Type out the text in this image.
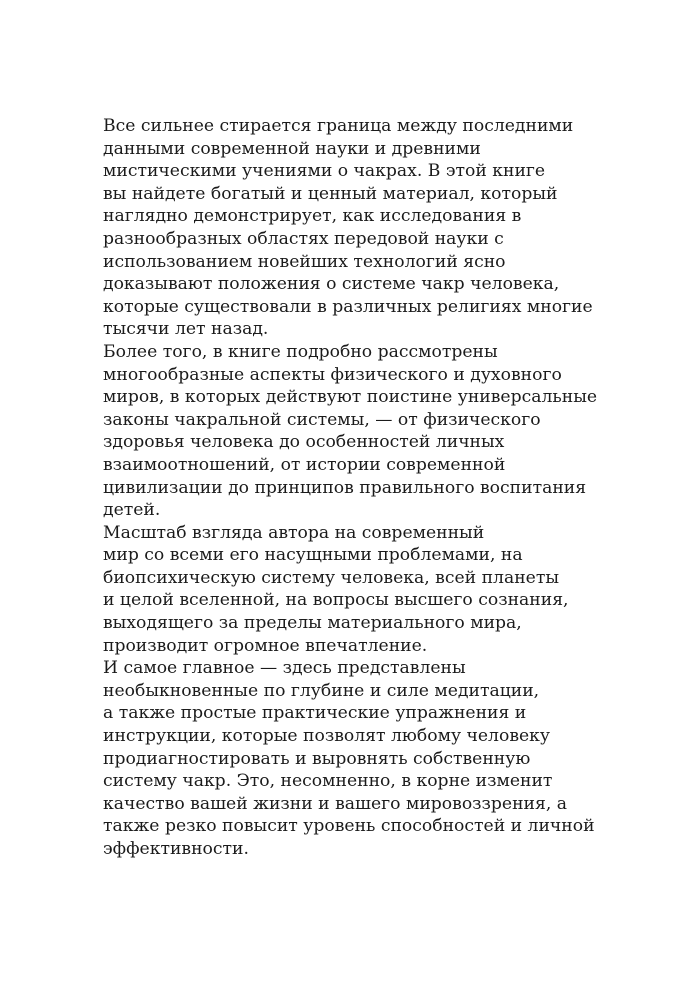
Все сильнее стирается граница между последними
данными современной науки и древними
мистическими учениями о чакрах. В этой книге
вы найдете богатый и ценный материал, который
наглядно демонстрирует, как исследования в
разнообразных областях передовой науки с
использованием новейших технологий ясно
доказывают положения о системе чакр человека,
которые существовали в различных религиях многие
тысячи лет назад.
Более того, в книге подробно рассмотрены
многообразные аспекты физического и духовного
миров, в которых действуют поистине универсальные
законы чакральной системы, — от физического
здоровья человека до особенностей личных
взаимоотношений, от истории современной
цивилизации до принципов правильного воспитания
детей.
Масштаб взгляда автора на современный
мир со всеми его насущными проблемами, на
биопсихическую систему человека, всей планеты
и целой вселенной, на вопросы высшего сознания,
выходящего за пределы материального мира,
производит огромное впечатление.
И самое главное — здесь представлены
необыкновенные по глубине и силе медитации,
а также простые практические упражнения и
инструкции, которые позволят любому человеку
продиагностировать и выровнять собственную
систему чакр. Это, несомненно, в корне изменит
качество вашей жизни и вашего мировоззрения, а
также резко повысит уровень способностей и личной
эффективности.
